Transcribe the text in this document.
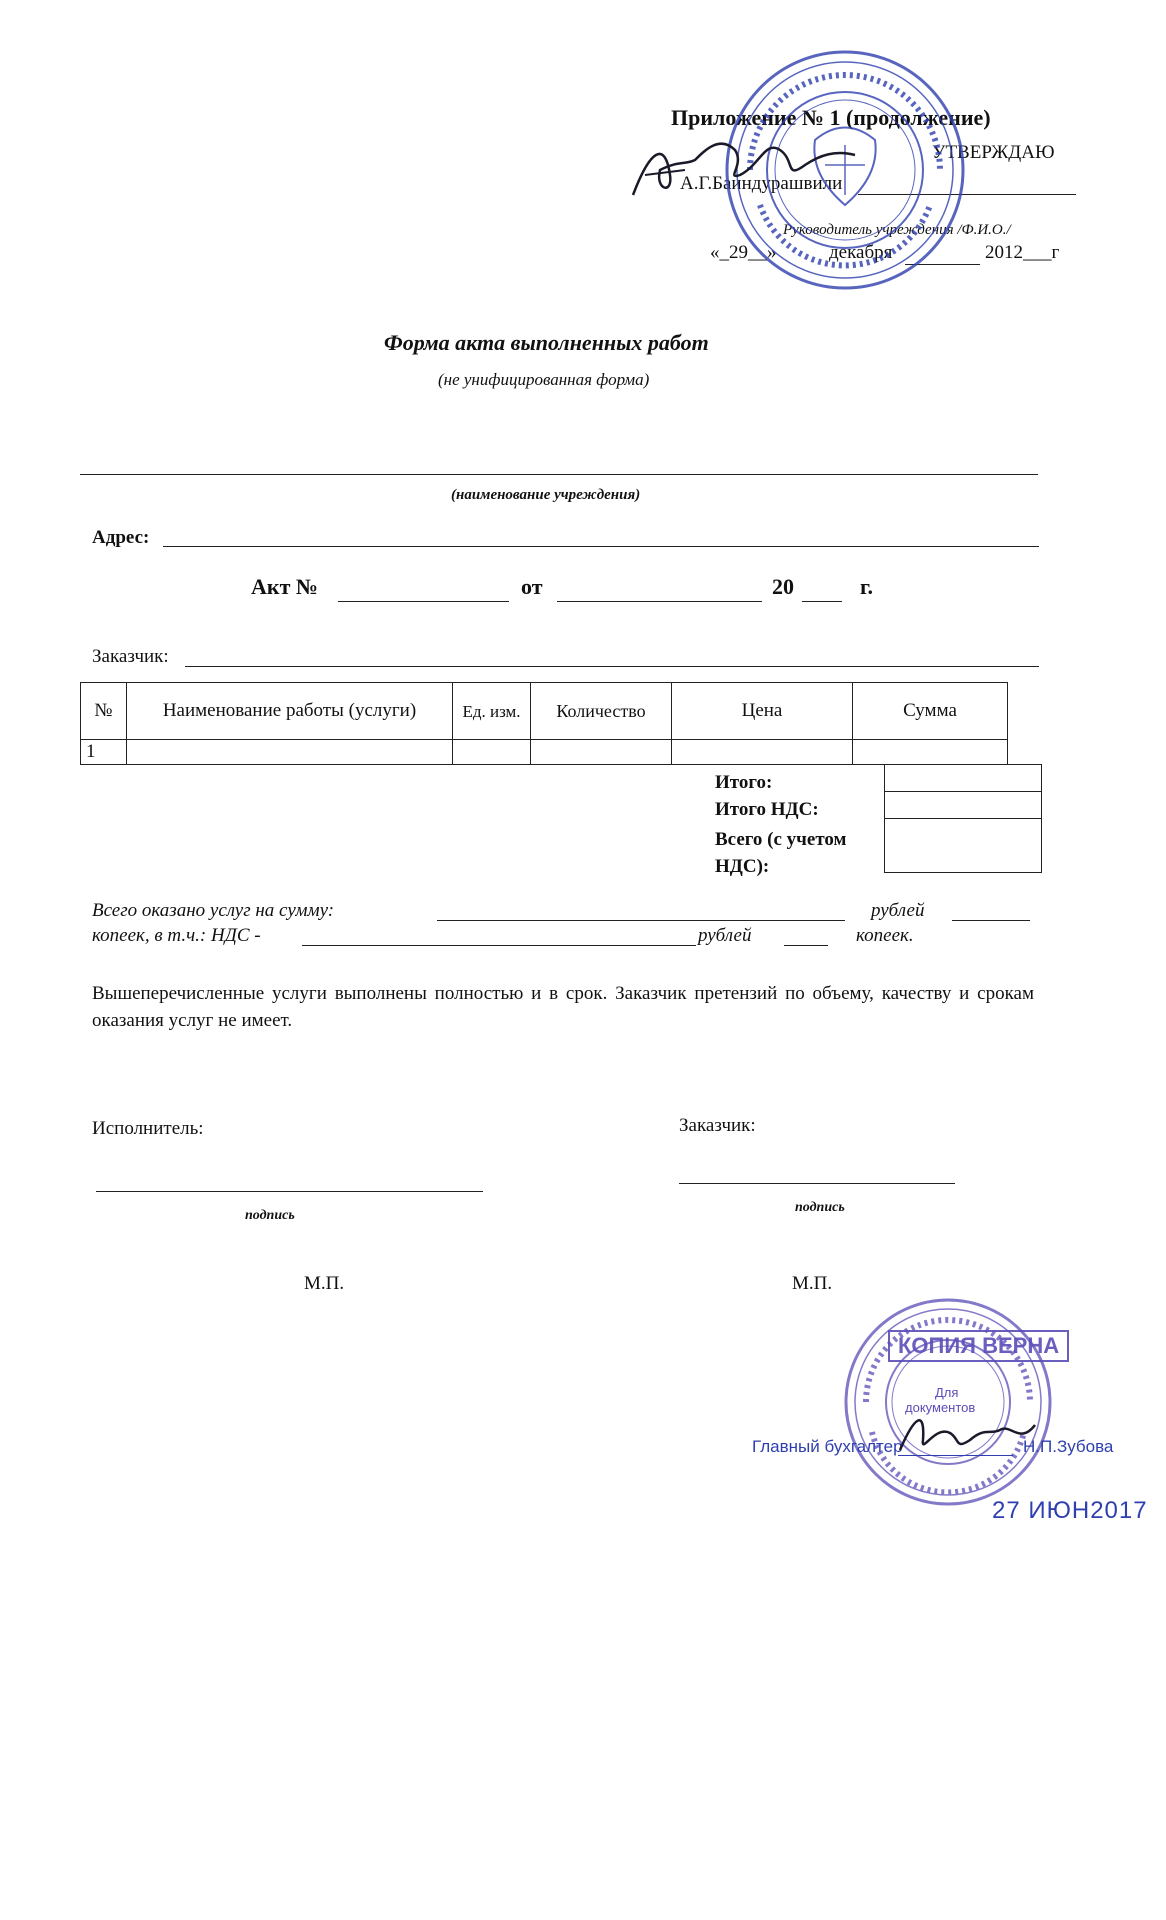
Приложение № 1 (продолжение)
УТВЕРЖДАЮ
А.Г.Баиндурашвили
Руководитель учреждения /Ф.И.О./
«_29__»	декабря	2012___г
Форма акта выполненных работ
(не унифицированная форма)
(наименование учреждения)
Адрес:
Акт №	от	20	г.
Заказчик:
№	Наименование работы (услуги)	Ед. изм.	Количество	Цена	Сумма
1					
Итого:
Итого НДС:
Всего (с учетом НДС):

Всего оказано услуг на сумму:	рублей
копеек, в т.ч.: НДС -	рублей	копеек.
Вышеперечисленные услуги выполнены полностью и в срок. Заказчик претензий по объему, качеству и срокам оказания услуг не имеет.
Исполнитель:	Заказчик:
подпись
подпись
М.П.	М.П.
КОПИЯ ВЕРНА
Для
документов
Главный бухгалтер	Н.П.Зубова
27 ИЮН2017
